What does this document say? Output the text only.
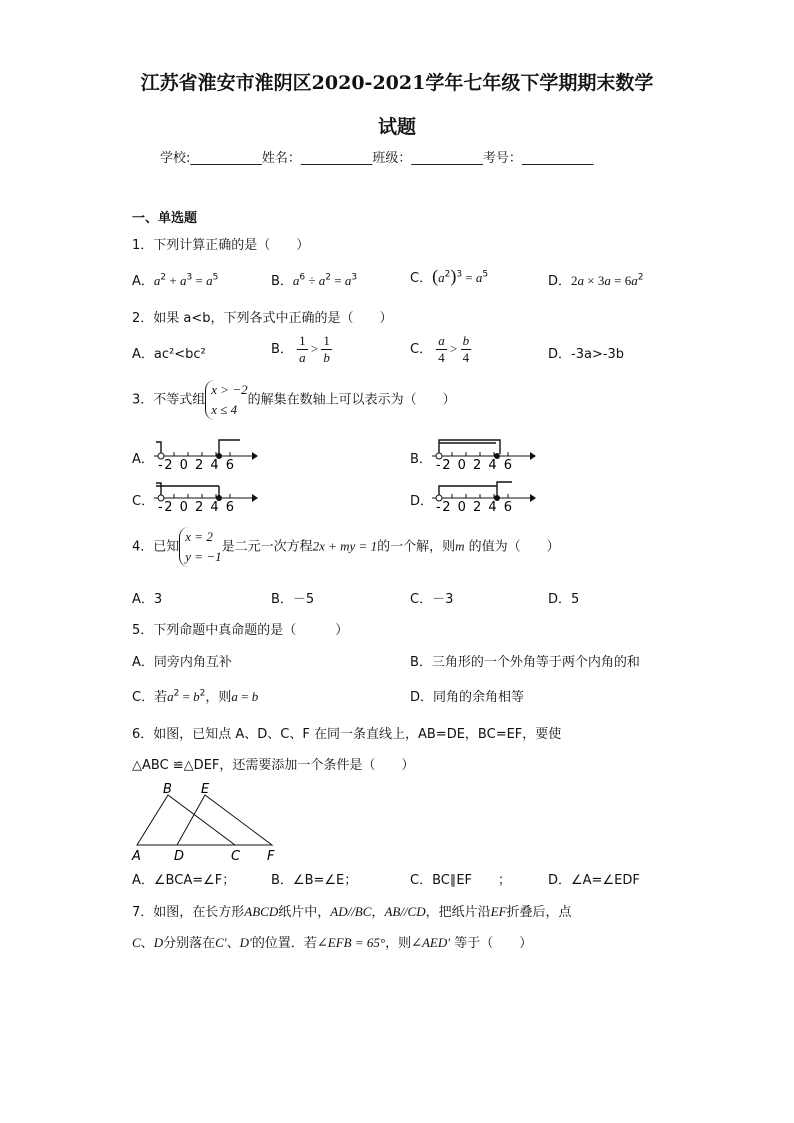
江苏省淮安市淮阴区2020-2021学年七年级下学期期末数学
试题
学校:___________姓名：___________班级：___________考号：___________
一、单选题
1．下列计算正确的是（　　）
A．$a^2 + a^3 = a^5$	B．$a^6 \div a^2 = a^3$	C．$(a^2)^3 = a^5$	D．$2a \times 3a = 6a^2$
2．如果 a<b，下列各式中正确的是（　　）
A．ac²<bc²	B． $\frac{1}{a} > \frac{1}{b}$	C． $\frac{a}{4} > \frac{b}{4}$	D．-3a>-3b
3．不等式组
x > −2
x ≤ 4
的解集在数轴上可以表示为（　　）
A．	B．
C．	D．
-2 0 2 4 6	-2 0 2 4 6
-2 0 2 4 6	-2 0 2 4 6
4．已知
x = 2
y = −1
是二元一次方程2x + my = 1的一个解，则m 的值为（　　）
A．3	B．－5	C．－3	D．5
5．下列命题中真命题的是（　　　）
A．同旁内角互补	B．三角形的一个外角等于两个内角的和
C．若$a^2 = b^2$，则a = b	D．同角的余角相等
6．如图，已知点 A、D、C、F 在同一条直线上，AB=DE，BC=EF，要使
△ABC ≌△DEF，还需要添加一个条件是（　　）
B E
A	D	C F
A．∠BCA=∠F；	B．∠B=∠E；	C．BC∥EF　　；	D．∠A=∠EDF
7．如图，在长方形ABCD纸片中，AD//BC，AB//CD，把纸片沿EF折叠后，点
C、D分别落在C′、D′的位置．若∠EFB = 65°，则∠AED′ 等于（　　）
